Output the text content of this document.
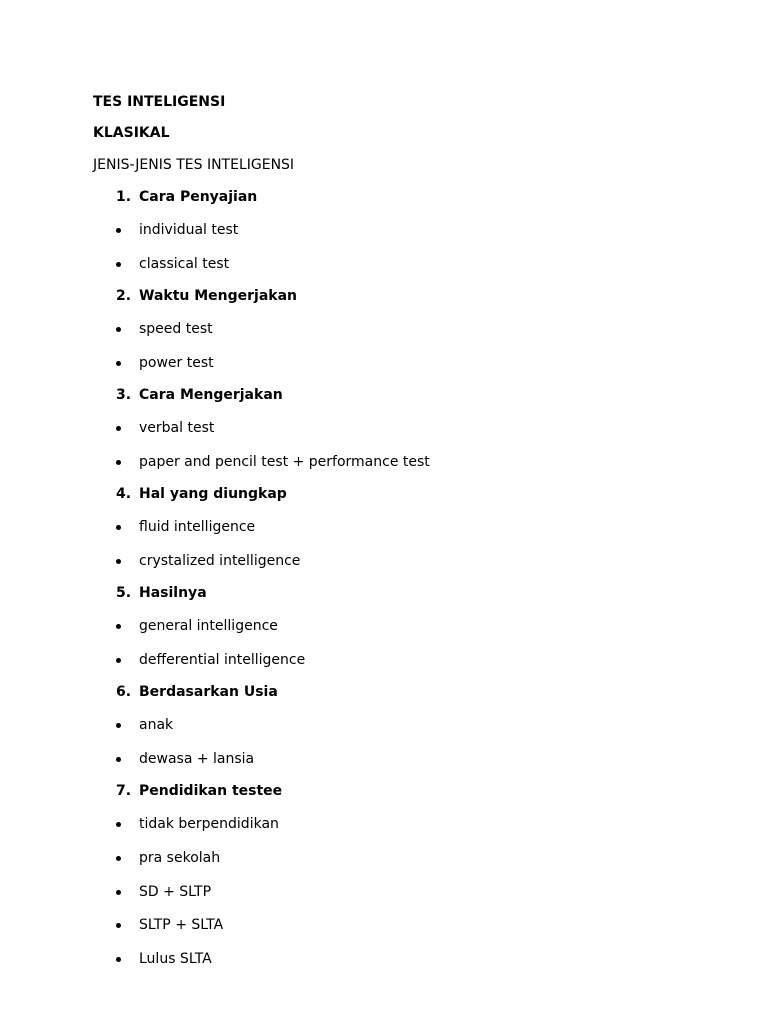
TES INTELIGENSI
KLASIKAL
JENIS-JENIS TES INTELIGENSI
1. Cara Penyajian
individual test
classical test
2. Waktu Mengerjakan
speed test
power test
3. Cara Mengerjakan
verbal test
paper and pencil test + performance test
4. Hal yang diungkap
fluid intelligence
crystalized intelligence
5. Hasilnya
general intelligence
defferential intelligence
6. Berdasarkan Usia
anak
dewasa + lansia
7. Pendidikan testee
tidak berpendidikan
pra sekolah
SD + SLTP
SLTP + SLTA
Lulus SLTA
